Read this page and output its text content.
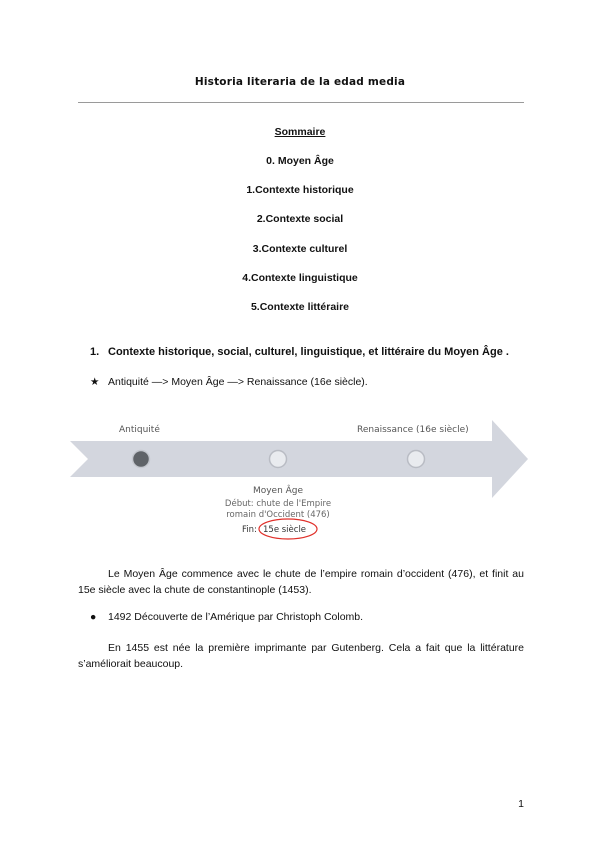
Historia literaria de la edad media
Sommaire
0. Moyen Âge
1.Contexte historique
2.Contexte social
3.Contexte culturel
4.Contexte linguistique
5.Contexte littéraire
1. Contexte historique, social, culturel, linguistique, et littéraire du Moyen Âge .
★ Antiquité —> Moyen Âge —> Renaissance (16e siècle).
Antiquité	Renaissance (16e siècle)
Moyen Âge
Début: chute de l'Empire
romain d'Occident (476)
Fin: 15e siècle
Le Moyen Âge commence avec le chute de l’empire romain d’occident (476), et finit au 15e siècle avec la chute de constantinople (1453).
● 1492 Découverte de l’Amérique par Christoph Colomb.
En 1455 est née la première imprimante par Gutenberg. Cela a fait que la littérature s’améliorait beaucoup.
1
